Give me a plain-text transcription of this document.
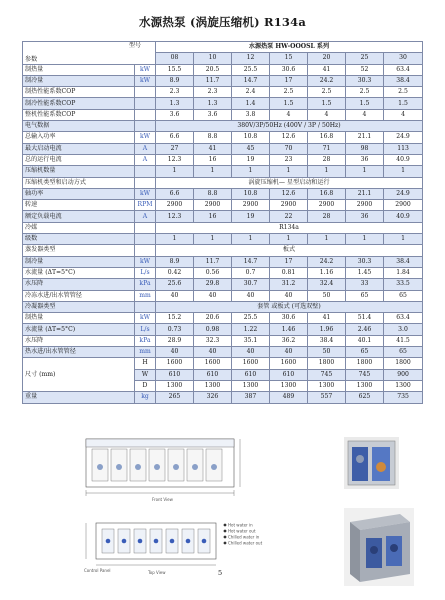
水源热泵 (涡旋压缩机) R134a
型号
参数		水源热泵 HW-OOOSL 系列						
		08	10	12	15	20	25	30
制热量	kW	15.5	20.5	25.5	30.6	41	52	63.4
制冷量	kW	8.9	11.7	14.7	17	24.2	30.3	38.4
制热性能系数COP		2.3	2.3	2.4	2.5	2.5	2.5	2.5
制冷性能系数COP		1.3	1.3	1.4	1.5	1.5	1.5	1.5
整机性能系数COP		3.6	3.6	3.8	4	4	4	4
电气数据		380V/3P/50Hz (400V / 3P / 50Hz)						
总输入功率	kW	6.6	8.8	10.8	12.6	16.8	21.1	24.9
最大启动电流	A	27	41	45	70	71	98	113
总的运行电流	A	12.3	16	19	23	28	36	40.9
压缩机数量		1	1	1	1	1	1	1
压缩机类型和启动方式		涡旋压缩机— 星型启动和运行						
轴功率	kW	6.6	8.8	10.8	12.6	16.8	21.1	24.9
转速	RPM	2900	2900	2900	2900	2900	2900	2900
额定负载电流	A	12.3	16	19	22	28	36	40.9
冷媒		R134a						
级数		1	1	1	1	1	1	1
蒸发器类型		板式						
制冷量	kW	8.9	11.7	14.7	17	24.2	30.3	38.4
水流量 (ΔT=5°C)	L/s	0.42	0.56	0.7	0.81	1.16	1.45	1.84
水压降	kPa	25.6	29.8	30.7	31.2	32.4	33	33.5
冷冻水进/出水管管径	mm	40	40	40	40	50	65	65
冷凝器类型		套管 或板式 (可选双壁)						
制热量	kW	15.2	20.6	25.5	30.6	41	51.4	63.4
水流量 (ΔT=5°C)	L/s	0.73	0.98	1.22	1.46	1.96	2.46	3.0
水压降	kPa	28.9	32.3	35.1	36.2	38.4	40.1	41.5
热水进/出水管管径	mm	40	40	40	40	50	65	65
尺寸 (mm)	H	1600	1600	1600	1600	1800	1800	1800
	W	610	610	610	610	745	745	900
	D	1300	1300	1300	1300	1300	1300	1300
重量	kg	265	326	387	489	557	625	735
Front View
Hot water in
Hot water out
Chilled water in
Chilled water out
Control Panel	Top View	5
